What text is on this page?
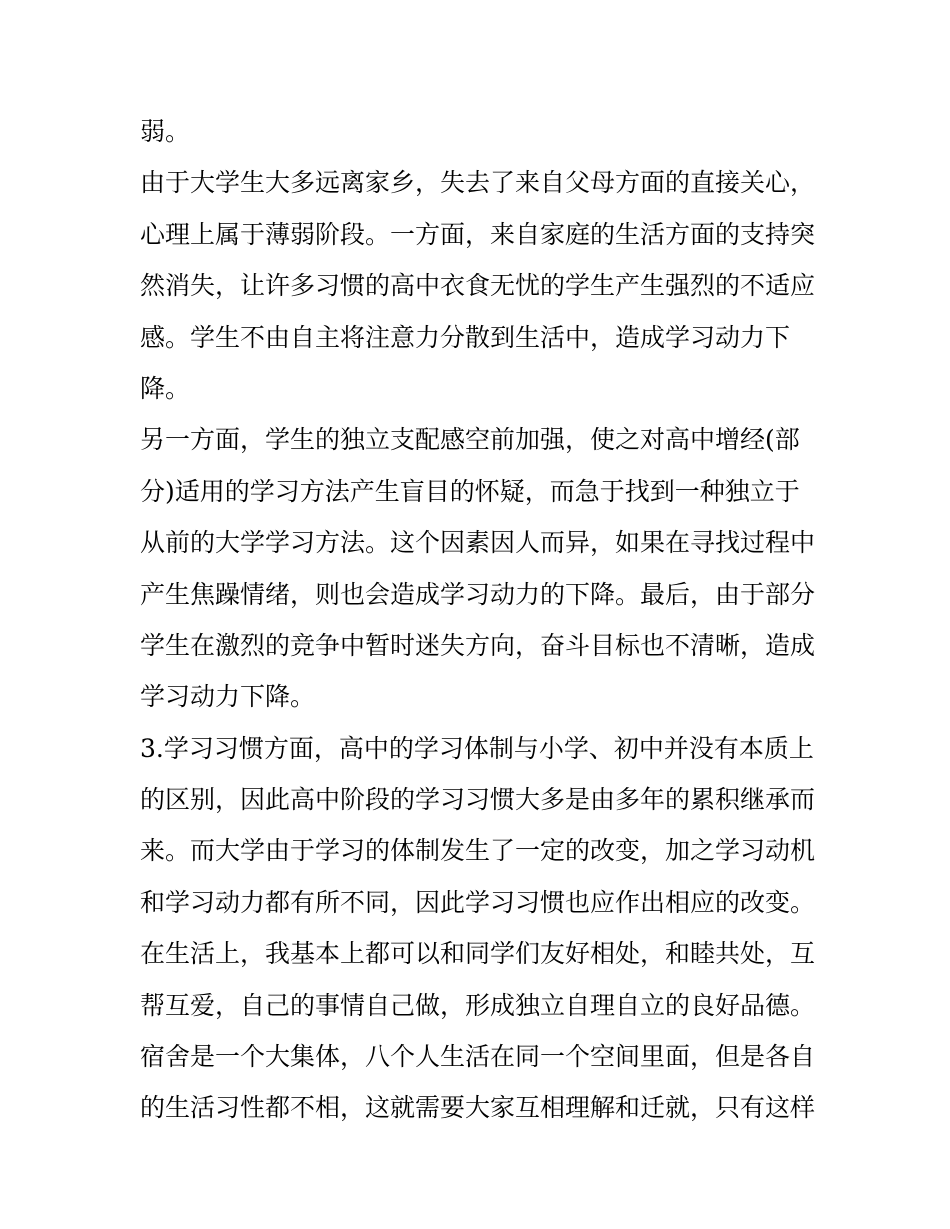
弱。
由于大学生大多远离家乡，失去了来自父母方面的直接关心，
心理上属于薄弱阶段。一方面，来自家庭的生活方面的支持突
然消失，让许多习惯的高中衣食无忧的学生产生强烈的不适应
感。学生不由自主将注意力分散到生活中，造成学习动力下
降。
另一方面，学生的独立支配感空前加强，使之对高中增经(部
分)适用的学习方法产生盲目的怀疑，而急于找到一种独立于
从前的大学学习方法。这个因素因人而异，如果在寻找过程中
产生焦躁情绪，则也会造成学习动力的下降。最后，由于部分
学生在激烈的竞争中暂时迷失方向，奋斗目标也不清晰，造成
学习动力下降。
3.学习习惯方面，高中的学习体制与小学、初中并没有本质上
的区别，因此高中阶段的学习习惯大多是由多年的累积继承而
来。而大学由于学习的体制发生了一定的改变，加之学习动机
和学习动力都有所不同，因此学习习惯也应作出相应的改变。
在生活上，我基本上都可以和同学们友好相处，和睦共处，互
帮互爱，自己的事情自己做，形成独立自理自立的良好品德。
宿舍是一个大集体，八个人生活在同一个空间里面，但是各自
的生活习性都不相，这就需要大家互相理解和迁就，只有这样
